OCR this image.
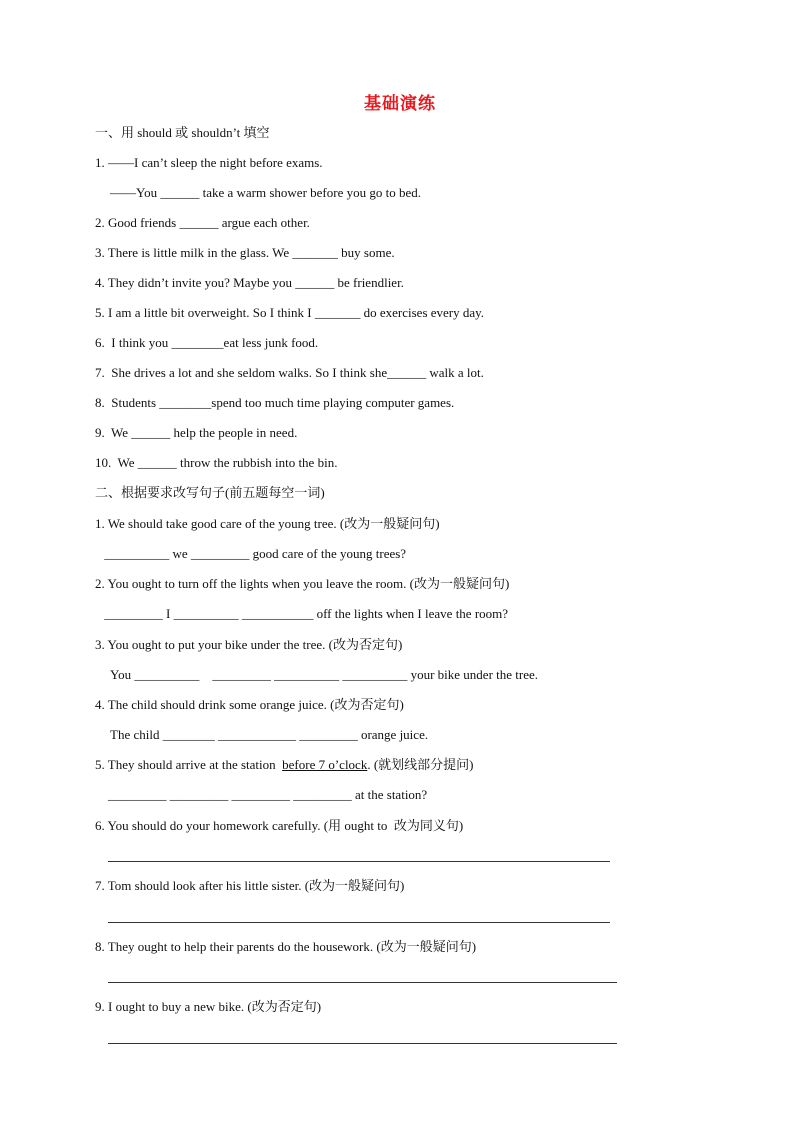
基础演练
一、用 should 或 shouldn’t 填空
1. ——I can’t sleep the night before exams.
——You ______ take a warm shower before you go to bed.
2. Good friends ______ argue each other.
3. There is little milk in the glass. We _______ buy some.
4. They didn’t invite you? Maybe you ______ be friendlier.
5. I am a little bit overweight. So I think I _______ do exercises every day.
6.  I think you ________eat less junk food.
7.  She drives a lot and she seldom walks. So I think she______ walk a lot.
8.  Students ________spend too much time playing computer games.
9.  We ______ help the people in need.
10.  We ______ throw the rubbish into the bin.
二、根据要求改写句子(前五题每空一词)
1. We should take good care of the young tree. (改为一般疑问句)
__________ we _________ good care of the young trees?
2. You ought to turn off the lights when you leave the room. (改为一般疑问句)
_________ I __________ ___________ off the lights when I leave the room?
3. You ought to put your bike under the tree. (改为否定句)
You __________    _________ __________ __________ your bike under the tree.
4. The child should drink some orange juice. (改为否定句)
The child ________ ____________ _________ orange juice.
5. They should arrive at the station  before 7 o’clock. (就划线部分提问)
_________ _________ _________ _________ at the station?
6. You should do your homework carefully. (用 ought to  改为同义句)
7. Tom should look after his little sister. (改为一般疑问句)
8. They ought to help their parents do the housework. (改为一般疑问句)
9. I ought to buy a new bike. (改为否定句)
